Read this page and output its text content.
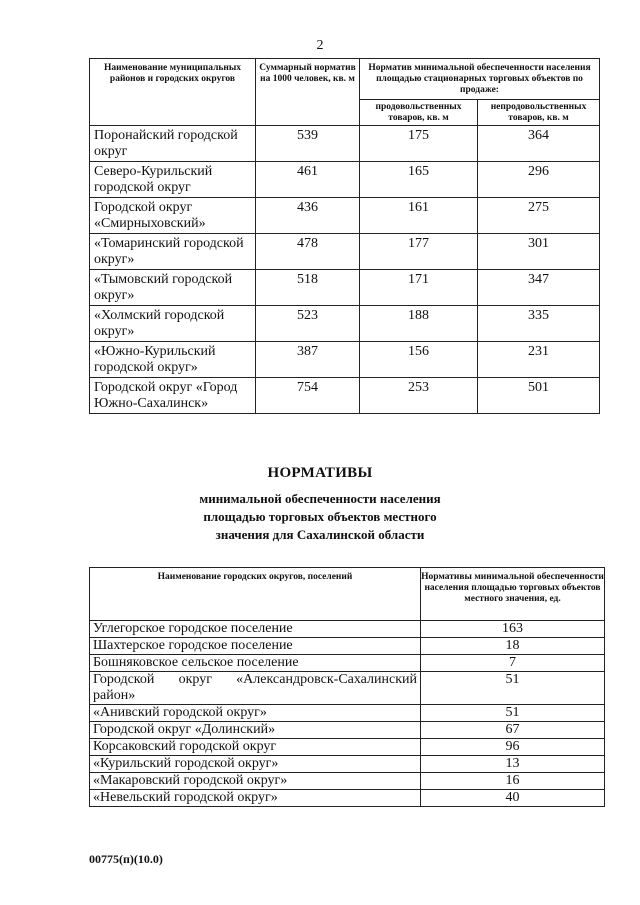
2
Наименование муниципальных районов и городских округов	Суммарный норматив на 1000 человек, кв. м	Норматив минимальной обеспеченности населения площадью стационарных торговых объектов по продаже:	
		продовольственных товаров, кв. м	непродовольственных товаров, кв. м
Поронайский городской округ	539	175	364
Северо-Курильский городской округ	461	165	296
Городской округ «Смирныховский»	436	161	275
«Томаринский городской округ»	478	177	301
«Тымовский городской округ»	518	171	347
«Холмский городской округ»	523	188	335
«Южно-Курильский городской округ»	387	156	231
Городской округ «Город Южно-Сахалинск»	754	253	501
НОРМАТИВЫ
минимальной обеспеченности населения
площадью торговых объектов местного
значения для Сахалинской области
Наименование городских округов, поселений	Нормативы минимальной обеспеченности населения площадью торговых объектов местного значения, ед.
Углегорское городское поселение	163
Шахтерское городское поселение	18
Бошняковское сельское поселение	7
Городской округ «Александровск-Сахалинский район»	51
«Анивский городской округ»	51
Городской округ «Долинский»	67
Корсаковский городской округ	96
«Курильский городской округ»	13
«Макаровский городской округ»	16
«Невельский городской округ»	40
00775(п)(10.0)
